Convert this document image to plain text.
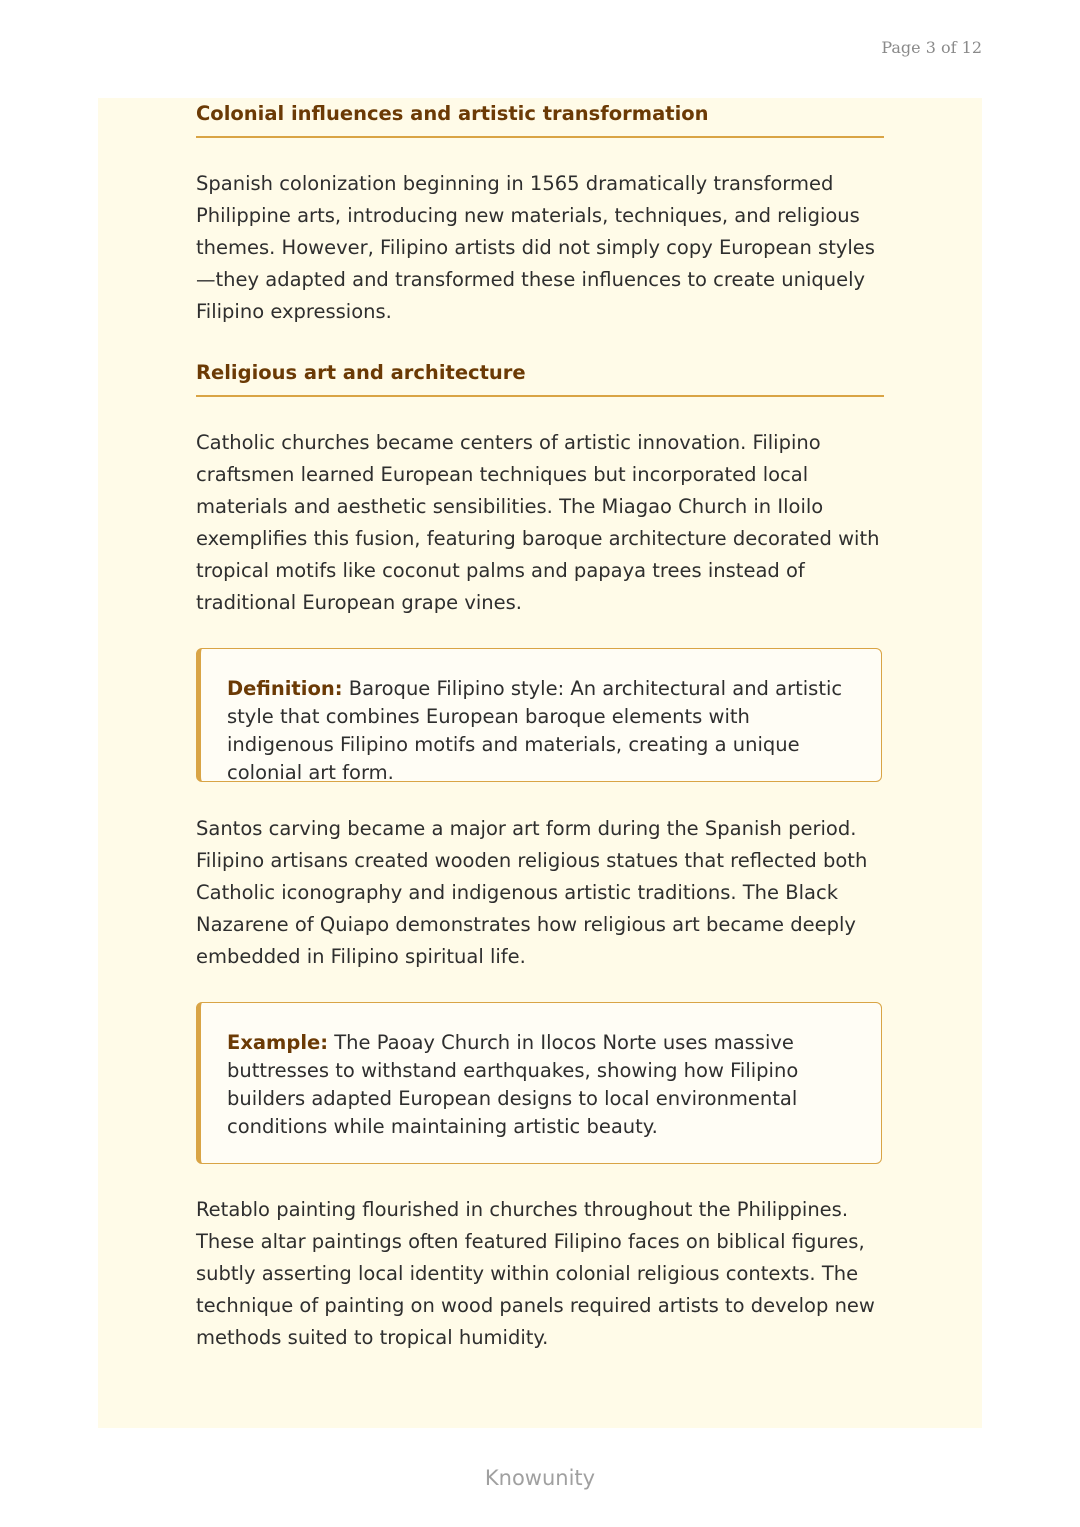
Page 3 of 12
Colonial influences and artistic transformation

Spanish colonization beginning in 1565 dramatically transformed Philippine arts, introducing new materials, techniques, and religious themes. However, Filipino artists did not simply copy European styles—they adapted and transformed these influences to create uniquely Filipino expressions.

Religious art and architecture

Catholic churches became centers of artistic innovation. Filipino craftsmen learned European techniques but incorporated local materials and aesthetic sensibilities. The Miagao Church in Iloilo exemplifies this fusion, featuring baroque architecture decorated with tropical motifs like coconut palms and papaya trees instead of traditional European grape vines.

Definition: Baroque Filipino style: An architectural and artistic style that combines European baroque elements with indigenous Filipino motifs and materials, creating a unique colonial art form.

Santos carving became a major art form during the Spanish period. Filipino artisans created wooden religious statues that reflected both Catholic iconography and indigenous artistic traditions. The Black Nazarene of Quiapo demonstrates how religious art became deeply embedded in Filipino spiritual life.

Example: The Paoay Church in Ilocos Norte uses massive buttresses to withstand earthquakes, showing how Filipino builders adapted European designs to local environmental conditions while maintaining artistic beauty.

Retablo painting flourished in churches throughout the Philippines. These altar paintings often featured Filipino faces on biblical figures, subtly asserting local identity within colonial religious contexts. The technique of painting on wood panels required artists to develop new methods suited to tropical humidity.

Knowunity
